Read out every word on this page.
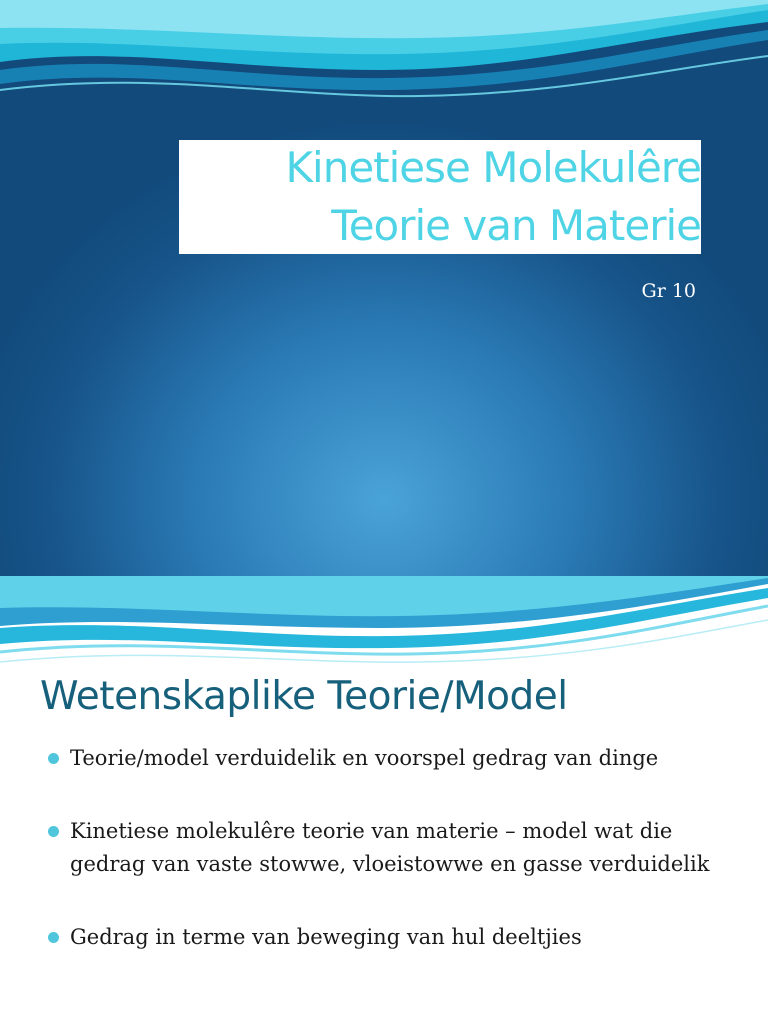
Kinetiese Molekulêre
Teorie van Materie
Gr 10
Wetenskaplike Teorie/Model
Teorie/model verduidelik en voorspel gedrag van dinge
Kinetiese molekulêre teorie van materie – model wat die gedrag van vaste stowwe, vloeistowwe en gasse verduidelik
Gedrag in terme van beweging van hul deeltjies
